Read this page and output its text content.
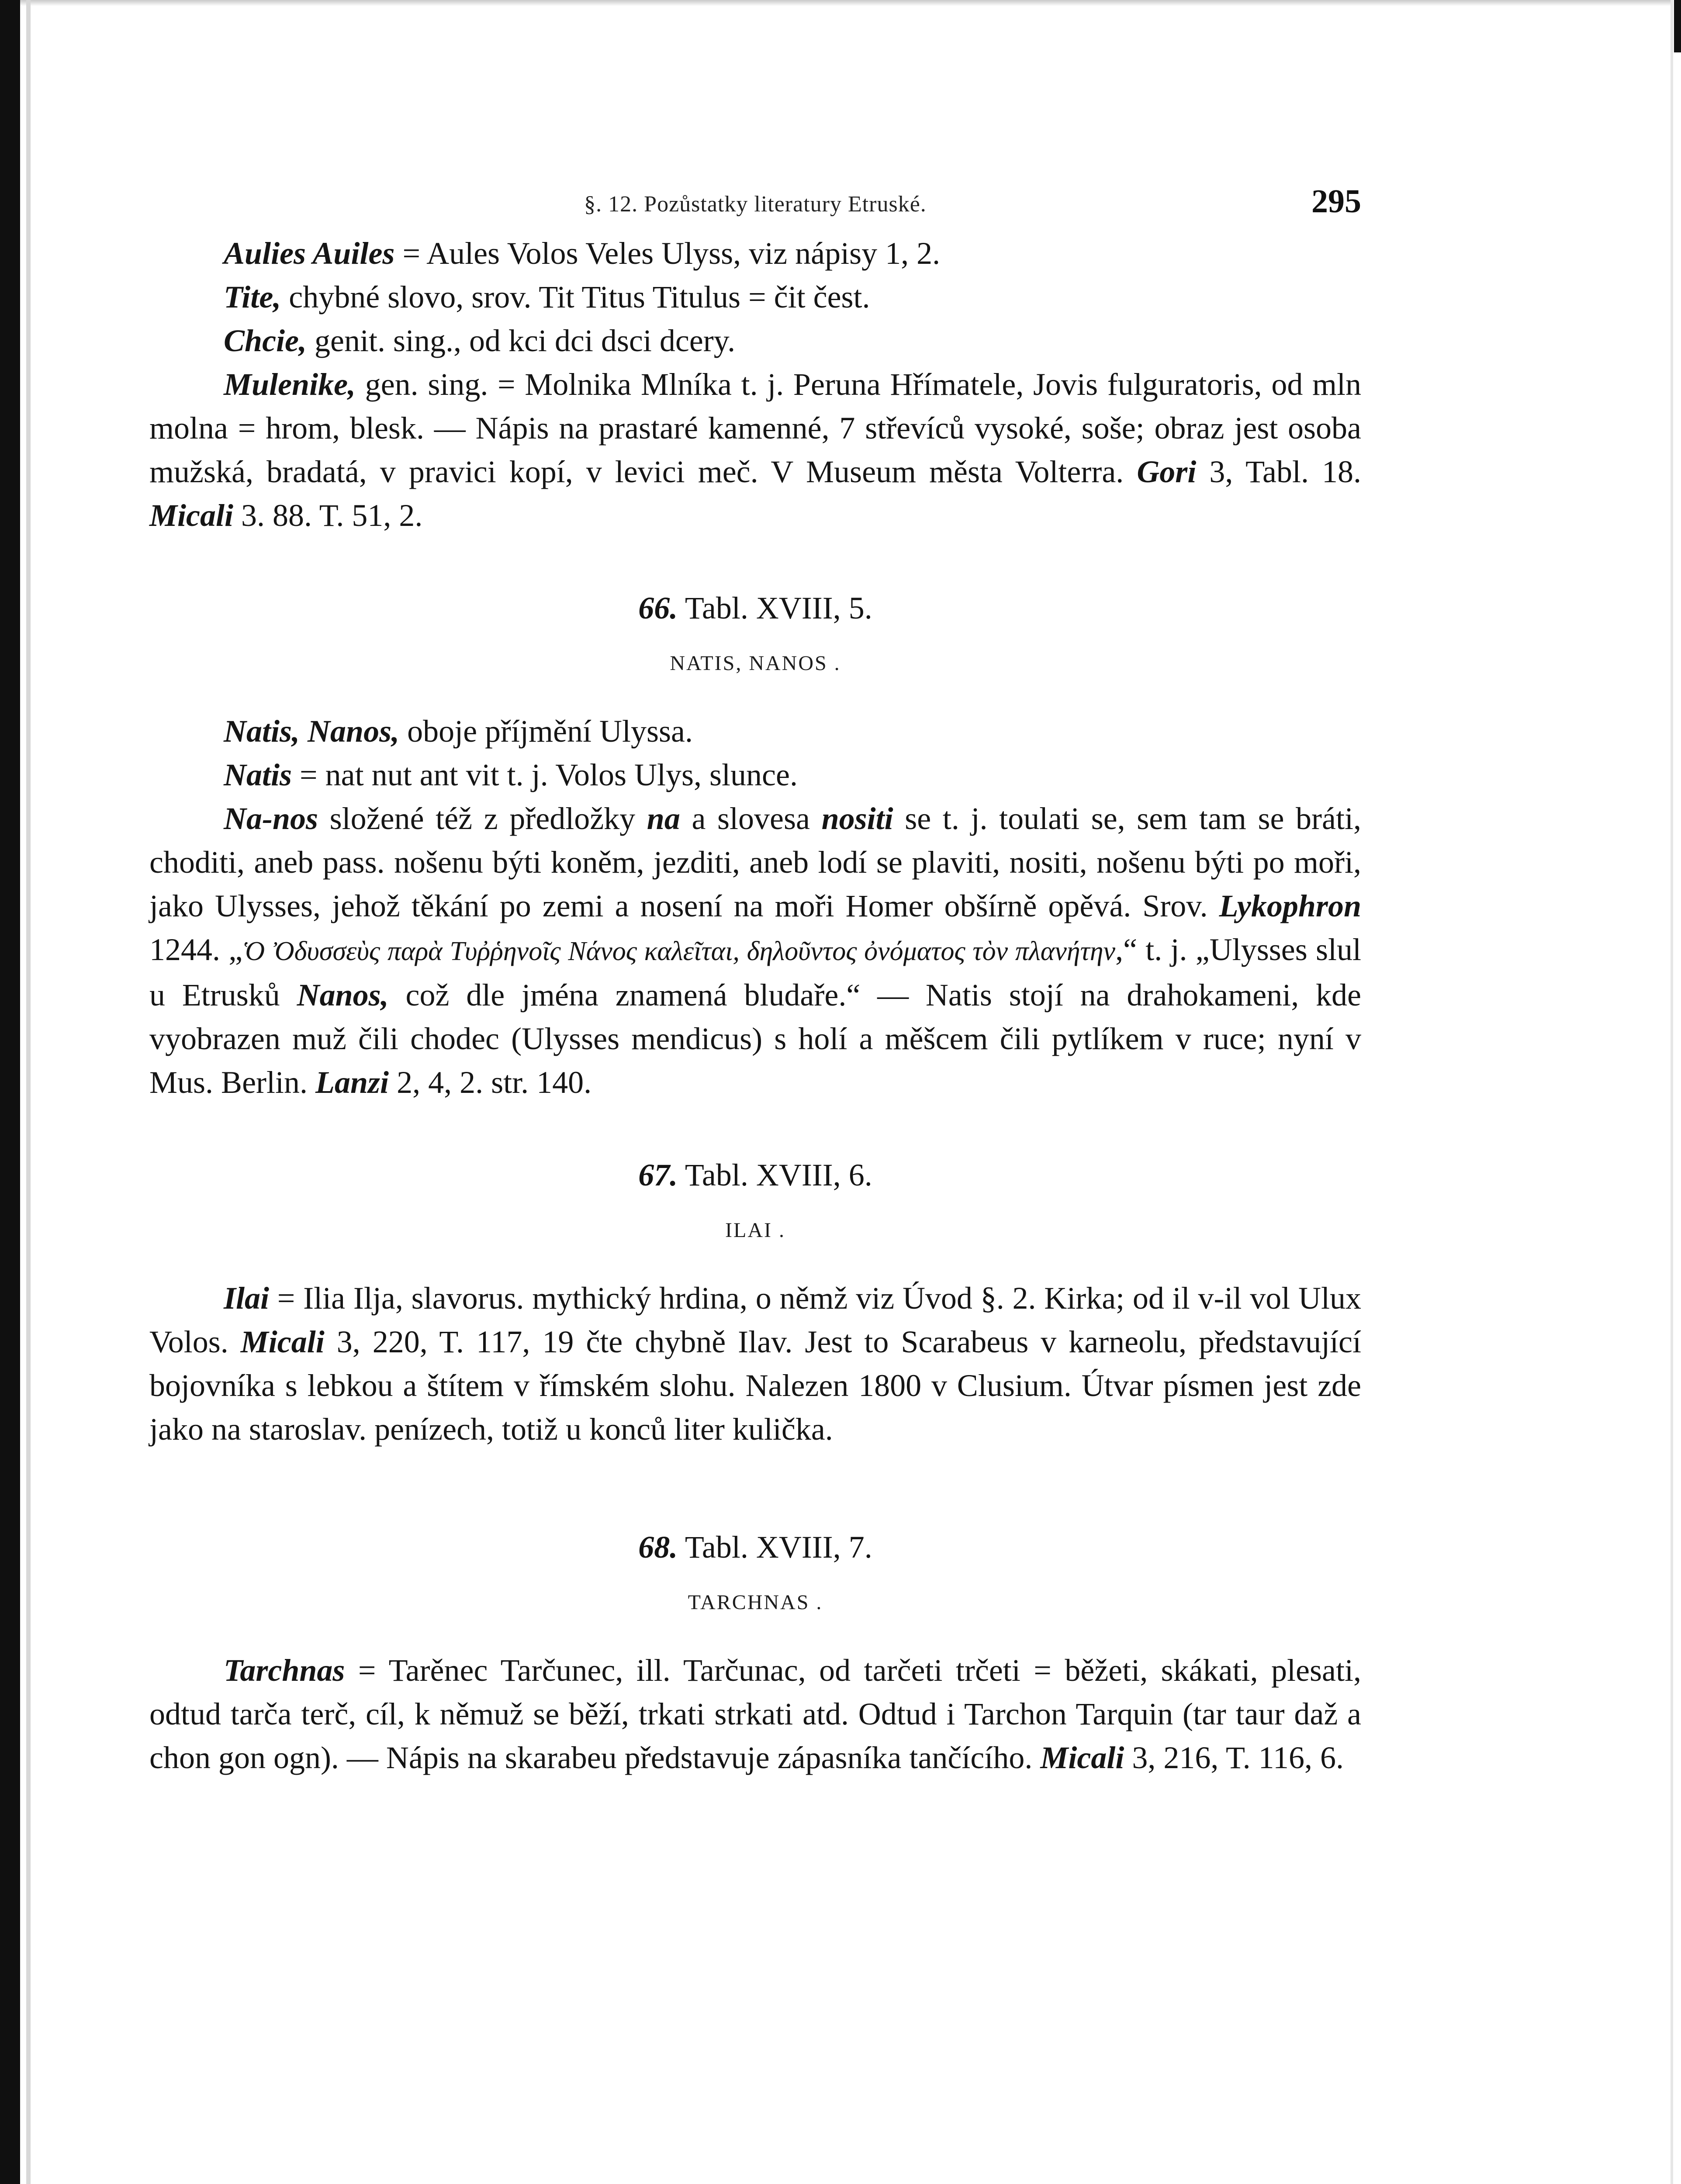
§. 12. Pozůstatky literatury Etruské.	295

Aulies Auiles = Aules Volos Veles Ulyss, viz nápisy 1, 2.

Tite, chybné slovo, srov. Tit Titus Titulus = čit čest.

Chcie, genit. sing., od kci dci dsci dcery.

Mulenike, gen. sing. = Molnika Mlníka t. j. Peruna Hřímatele, Jovis fulguratoris, od mln molna = hrom, blesk. — Nápis na prastaré kamenné, 7 střevíců vysoké, soše; obraz jest osoba mužská, bradatá, v pravici kopí, v levici meč. V Museum města Volterra. Gori 3, Tabl. 18. Micali 3. 88. T. 51, 2.

66. Tabl. XVIII, 5.

NATIS, NANOS .

Natis, Nanos, oboje příjmění Ulyssa.

Natis = nat nut ant vit t. j. Volos Ulys, slunce.

Na-nos složené též z předložky na a slovesa nositi se t. j. toulati se, sem tam se bráti, choditi, aneb pass. nošenu býti koněm, jezditi, aneb lodí se plaviti, nositi, nošenu býti po moři, jako Ulysses, jehož těkání po zemi a nosení na moři Homer obšírně opěvá. Srov. Lykophron 1244. „Ὁ Ὀδυσσεὺς παρὰ Τυῤῥηνοῖς Νάνος καλεῖται, δηλοῦντος ὀνόματος τὸν πλανήτην,“ t. j. „Ulysses slul u Etrusků Nanos, což dle jména znamená bludaře.“ — Natis stojí na drahokameni, kde vyobrazen muž čili chodec (Ulysses mendicus) s holí a měšcem čili pytlíkem v ruce; nyní v Mus. Berlin. Lanzi 2, 4, 2. str. 140.

67. Tabl. XVIII, 6.

ILAI .

Ilai = Ilia Ilja, slavorus. mythický hrdina, o němž viz Úvod §. 2. Kirka; od il v-il vol Ulux Volos. Micali 3, 220, T. 117, 19 čte chybně Ilav. Jest to Scarabeus v karneolu, představující bojovníka s lebkou a štítem v římském slohu. Nalezen 1800 v Clusium. Útvar písmen jest zde jako na staroslav. penízech, totiž u konců liter kulička.

68. Tabl. XVIII, 7.

TARCHNAS .

Tarchnas = Tarěnec Tarčunec, ill. Tarčunac, od tarčeti trčeti = běžeti, skákati, plesati, odtud tarča terč, cíl, k němuž se běží, trkati strkati atd. Odtud i Tarchon Tarquin (tar taur daž a chon gon ogn). — Nápis na skarabeu představuje zápasníka tančícího. Micali 3, 216, T. 116, 6.
